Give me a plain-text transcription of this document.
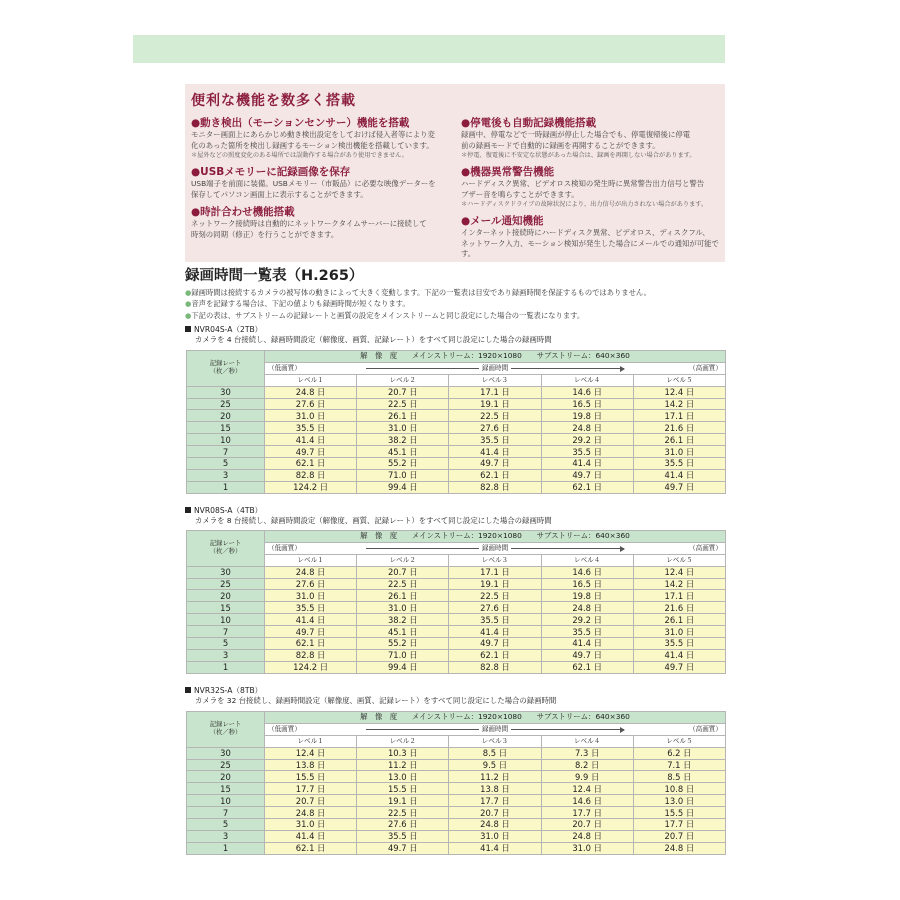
便利な機能を数多く搭載
●動き検出（モーションセンサー）機能を搭載
モニター画面上にあらかじめ動き検出設定をしておけば侵入者等により変
化のあった箇所を検出し録画するモーション検出機能を搭載しています。
＊屋外などの照度変化のある場所では誤動作する場合があり使用できません。
●USBメモリーに記録画像を保存
USB端子を前面に装備。USBメモリー（市販品）に必要な映像データーを
保存してパソコン画面上に表示することができます。
●時計合わせ機能搭載
ネットワーク接続時は自動的にネットワークタイムサーバーに接続して
時刻の同期（修正）を行うことができます。
●停電後も自動記録機能搭載
録画中、停電などで一時録画が停止した場合でも、停電復帰後に停電
前の録画モードで自動的に録画を再開することができます。
＊停電、復電後に不安定な状態があった場合は、録画を再開しない場合があります。
●機器異常警告機能
ハードディスク異常、ビデオロス検知の発生時に異常警告出力信号と警告
ブザー音を鳴らすことができます。
＊ハードディスクドライブの故障状況により、出力信号が出力されない場合があります。
●メール通知機能
インターネット接続時にハードディスク異常、ビデオロス、ディスクフル、
ネットワーク入力、モーション検知が発生した場合にメールでの通知が可能です。
録画時間一覧表（H.265）
●録画時間は接続するカメラの被写体の動きによって大きく変動します。下記の一覧表は目安であり録画時間を保証するものではありません。
●音声を記録する場合は、下記の値よりも録画時間が短くなります。
●下記の表は、サブストリームの記録レートと画質の設定をメインストリームと同じ設定にした場合の一覧表になります。
NVR04S-A（2TB）
カメラを 4 台接続し、録画時間設定（解像度、画質、記録レート）をすべて同じ設定にした場合の録画時間
記録レート
（枚／秒）	解　像　度　　メインストリーム：1920×1080　　サブストリーム：640×360				

	（低画質） 録画時間 （高画質）				

	レベル１	レベル２	レベル３	レベル４	レベル５
30	24.8 日	20.7 日	17.1 日	14.6 日	12.4 日
25	27.6 日	22.5 日	19.1 日	16.5 日	14.2 日
20	31.0 日	26.1 日	22.5 日	19.8 日	17.1 日
15	35.5 日	31.0 日	27.6 日	24.8 日	21.6 日
10	41.4 日	38.2 日	35.5 日	29.2 日	26.1 日
7	49.7 日	45.1 日	41.4 日	35.5 日	31.0 日
5	62.1 日	55.2 日	49.7 日	41.4 日	35.5 日
3	82.8 日	71.0 日	62.1 日	49.7 日	41.4 日
1	124.2 日	99.4 日	82.8 日	62.1 日	49.7 日
NVR08S-A（4TB）
カメラを 8 台接続し、録画時間設定（解像度、画質、記録レート）をすべて同じ設定にした場合の録画時間
記録レート
（枚／秒）	解　像　度　　メインストリーム：1920×1080　　サブストリーム：640×360				

	（低画質） 録画時間 （高画質）				

	レベル１	レベル２	レベル３	レベル４	レベル５
30	24.8 日	20.7 日	17.1 日	14.6 日	12.4 日
25	27.6 日	22.5 日	19.1 日	16.5 日	14.2 日
20	31.0 日	26.1 日	22.5 日	19.8 日	17.1 日
15	35.5 日	31.0 日	27.6 日	24.8 日	21.6 日
10	41.4 日	38.2 日	35.5 日	29.2 日	26.1 日
7	49.7 日	45.1 日	41.4 日	35.5 日	31.0 日
5	62.1 日	55.2 日	49.7 日	41.4 日	35.5 日
3	82.8 日	71.0 日	62.1 日	49.7 日	41.4 日
1	124.2 日	99.4 日	82.8 日	62.1 日	49.7 日
NVR32S-A（8TB）
カメラを 32 台接続し、録画時間設定（解像度、画質、記録レート）をすべて同じ設定にした場合の録画時間
記録レート
（枚／秒）	解　像　度　　メインストリーム：1920×1080　　サブストリーム：640×360				

	（低画質） 録画時間 （高画質）				

	レベル１	レベル２	レベル３	レベル４	レベル５
30	12.4 日	10.3 日	8.5 日	7.3 日	6.2 日
25	13.8 日	11.2 日	9.5 日	8.2 日	7.1 日
20	15.5 日	13.0 日	11.2 日	9.9 日	8.5 日
15	17.7 日	15.5 日	13.8 日	12.4 日	10.8 日
10	20.7 日	19.1 日	17.7 日	14.6 日	13.0 日
7	24.8 日	22.5 日	20.7 日	17.7 日	15.5 日
5	31.0 日	27.6 日	24.8 日	20.7 日	17.7 日
3	41.4 日	35.5 日	31.0 日	24.8 日	20.7 日
1	62.1 日	49.7 日	41.4 日	31.0 日	24.8 日
